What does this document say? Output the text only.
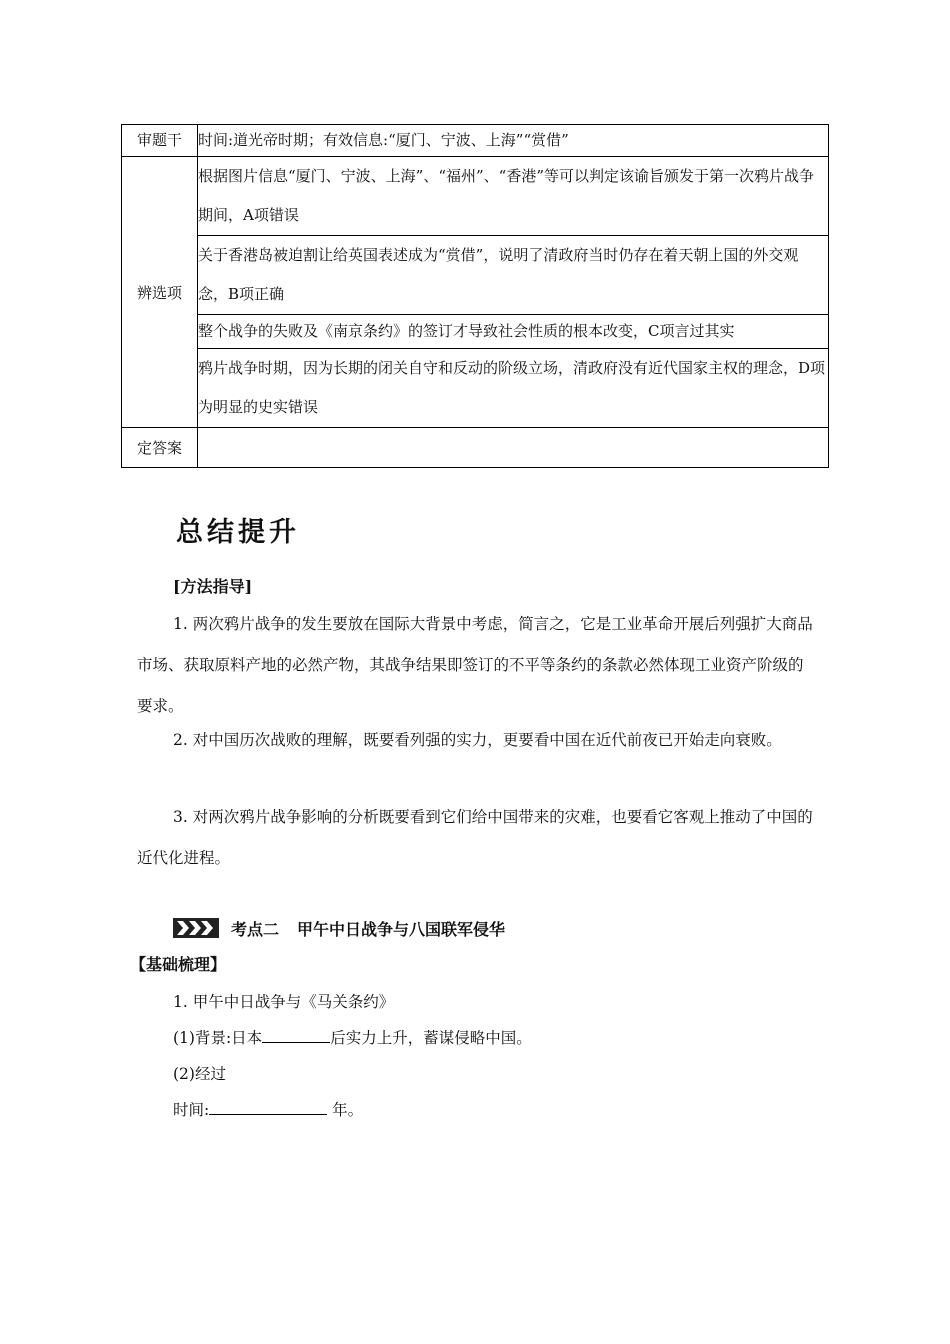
审题干	时间:道光帝时期；有效信息:“厦门、宁波、上海”“赏借”
辨选项	根据图片信息“厦门、宁波、上海”、“福州”、“香港”等可以判定该谕旨颁发于第一次鸦片战争期间，A项错误
	关于香港岛被迫割让给英国表述成为“赏借”，说明了清政府当时仍存在着天朝上国的外交观念，B项正确
	整个战争的失败及《南京条约》的签订才导致社会性质的根本改变，C项言过其实
	鸦片战争时期，因为长期的闭关自守和反动的阶级立场，清政府没有近代国家主权的理念，D项为明显的史实错误
定答案	
总结提升
[方法指导]
1. 两次鸦片战争的发生要放在国际大背景中考虑，简言之，它是工业革命开展后列强扩大商品市场、获取原料产地的必然产物，其战争结果即签订的不平等条约的条款必然体现工业资产阶级的要求。
2. 对中国历次战败的理解，既要看列强的实力，更要看中国在近代前夜已开始走向衰败。
3. 对两次鸦片战争影响的分析既要看到它们给中国带来的灾难，也要看它客观上推动了中国的近代化进程。
考点二 甲午中日战争与八国联军侵华
【基础梳理】
1. 甲午中日战争与《马关条约》
(1)背景:日本	后实力上升，蓄谋侵略中国。
(2)经过
时间:	年。
